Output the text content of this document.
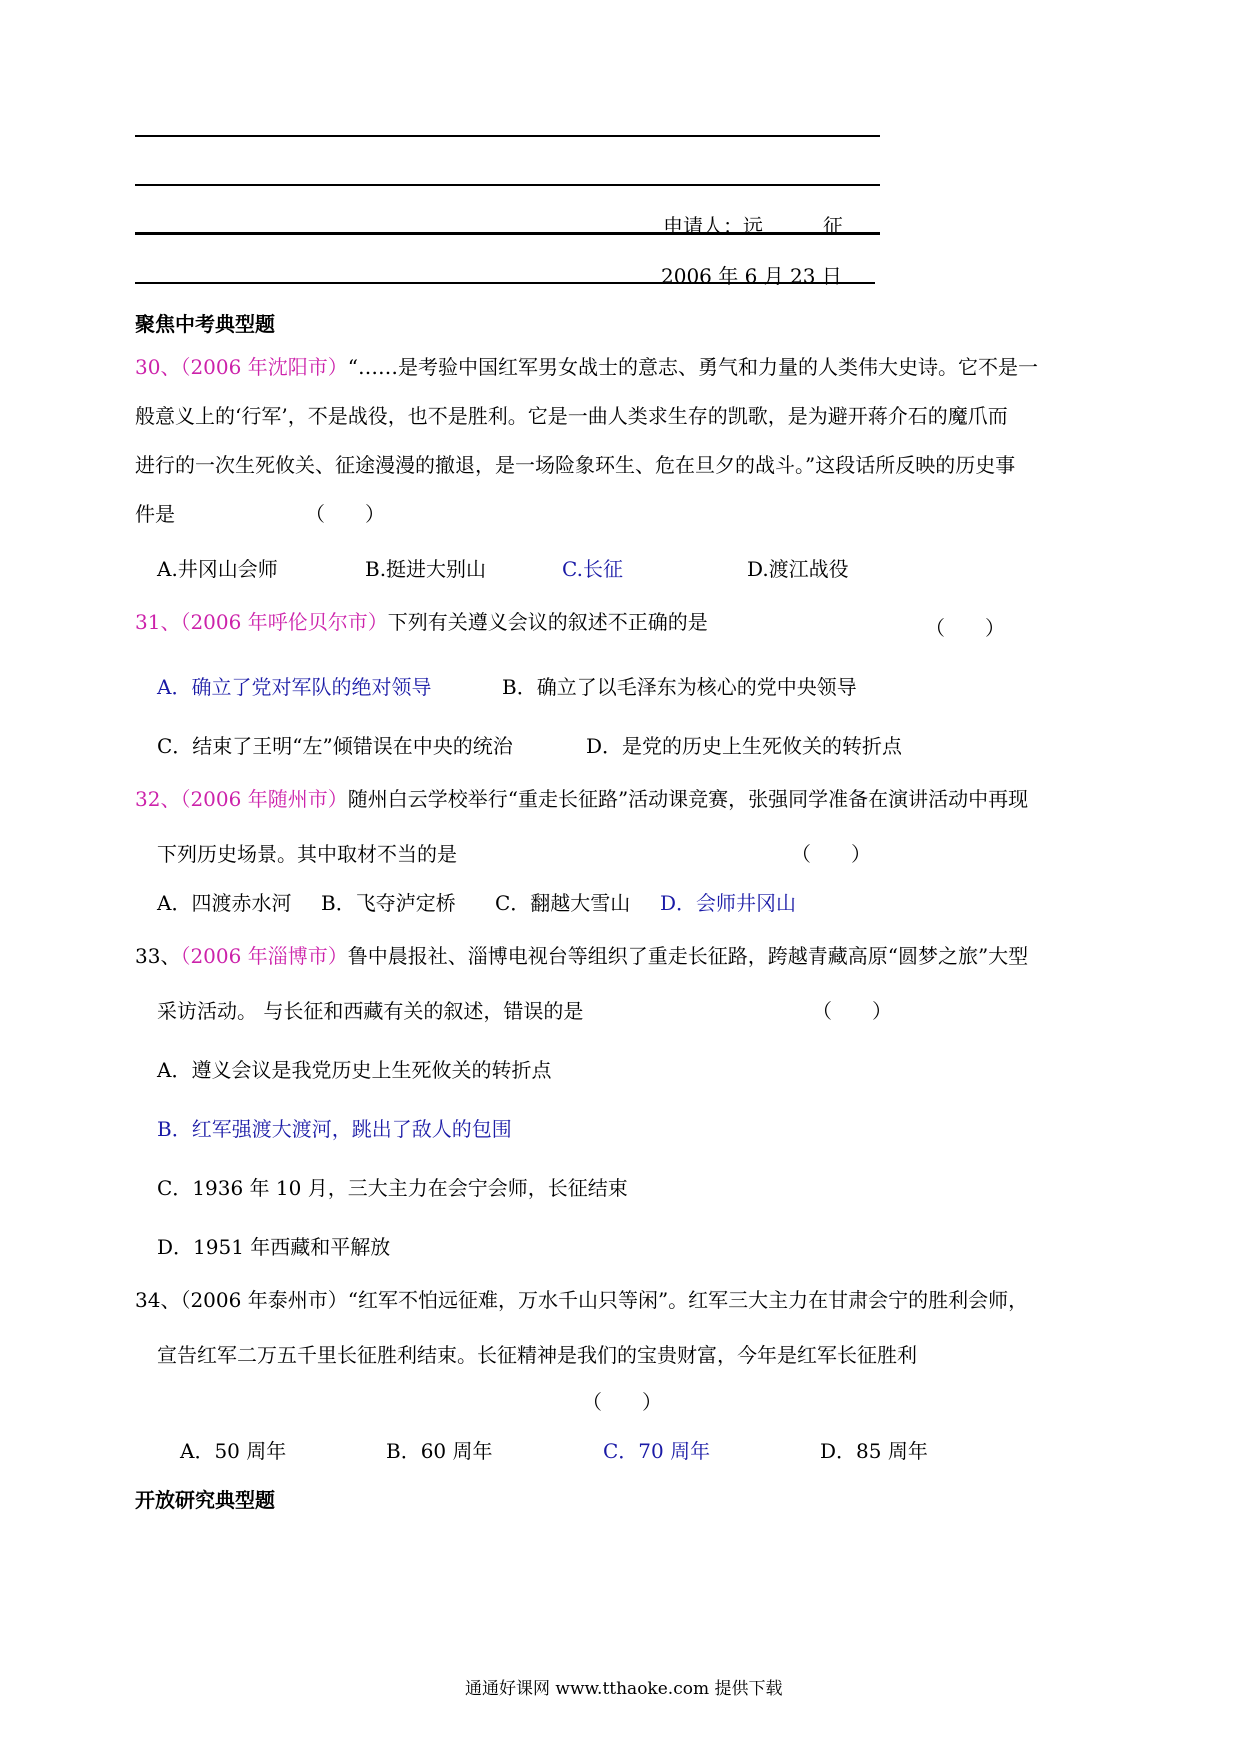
申请人：远	征
2006 年 6 月 23 日
聚焦中考典型题
30、（2006 年沈阳市）“……是考验中国红军男女战士的意志、勇气和力量的人类伟大史诗。它不是一
般意义上的‘行军’，不是战役，也不是胜利。它是一曲人类求生存的凯歌，是为避开蒋介石的魔爪而
进行的一次生死攸关、征途漫漫的撤退，是一场险象环生、危在旦夕的战斗。”这段话所反映的历史事
件是	（　　）
A.井冈山会师	B.挺进大别山	C.长征	D.渡江战役
31、（2006 年呼伦贝尔市）下列有关遵义会议的叙述不正确的是	（　　）
A．确立了党对军队的绝对领导	B．确立了以毛泽东为核心的党中央领导
C．结束了王明“左”倾错误在中央的统治	D．是党的历史上生死攸关的转折点
32、（2006 年随州市）随州白云学校举行“重走长征路”活动课竞赛，张强同学准备在演讲活动中再现
下列历史场景。其中取材不当的是	（　　）
A．四渡赤水河 B．飞夺泸定桥 C．翻越大雪山 D．会师井冈山
33、（2006 年淄博市）鲁中晨报社、淄博电视台等组织了重走长征路，跨越青藏高原“圆梦之旅”大型
采访活动。 与长征和西藏有关的叙述，错误的是	（　　）
A．遵义会议是我党历史上生死攸关的转折点
B．红军强渡大渡河，跳出了敌人的包围
C．1936 年 10 月，三大主力在会宁会师，长征结束
D．1951 年西藏和平解放
34、（2006 年泰州市）“红军不怕远征难，万水千山只等闲”。红军三大主力在甘肃会宁的胜利会师，
宣告红军二万五千里长征胜利结束。长征精神是我们的宝贵财富，今年是红军长征胜利
（　　）
A．50 周年	B．60 周年	C．70 周年	D．85 周年
开放研究典型题
通通好课网 www.tthaoke.com 提供下载
